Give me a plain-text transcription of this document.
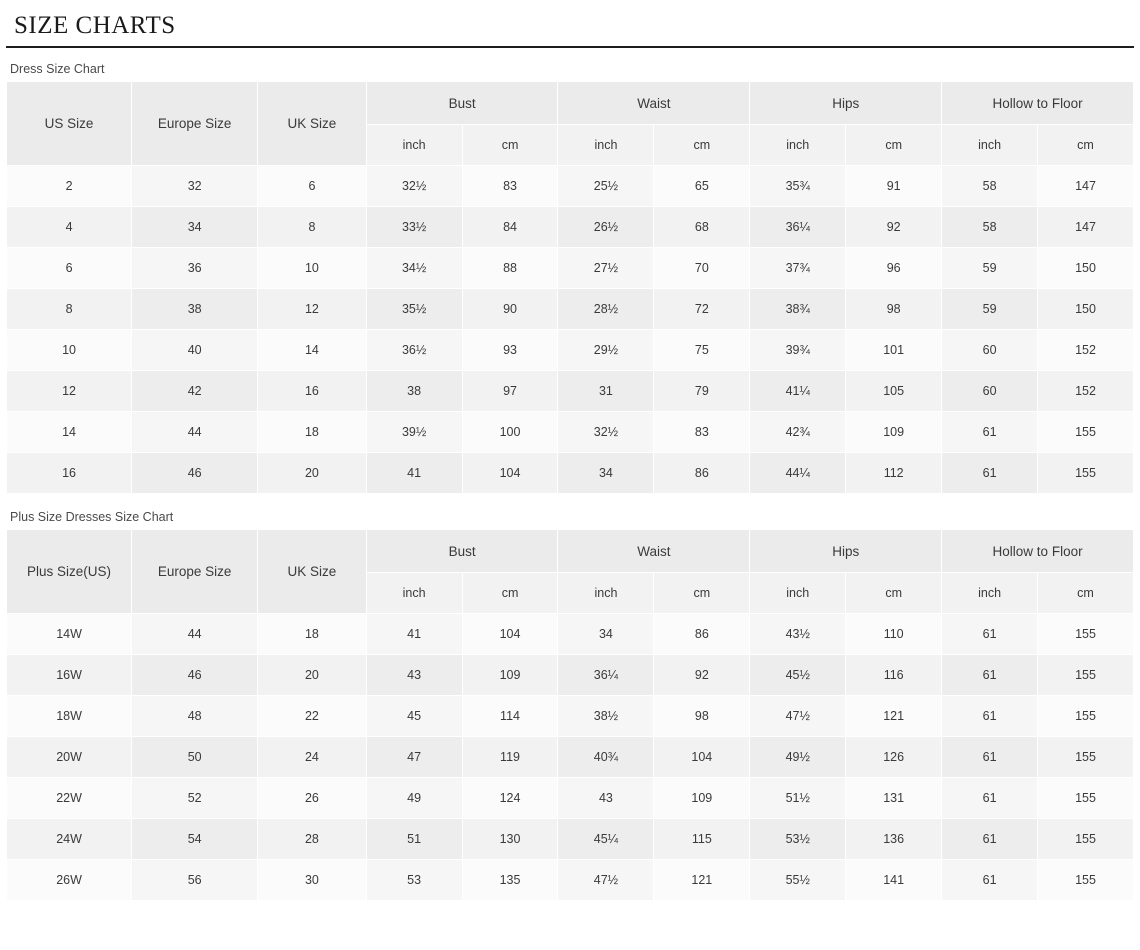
SIZE CHARTS
Dress Size Chart
US Size	Europe Size	UK Size	Bust		Waist		Hips		Hollow to Floor	
			inch	cm	inch	cm	inch	cm	inch	cm
2	32	6	32½	83	25½	65	35¾	91	58	147
4	34	8	33½	84	26½	68	36¼	92	58	147
6	36	10	34½	88	27½	70	37¾	96	59	150
8	38	12	35½	90	28½	72	38¾	98	59	150
10	40	14	36½	93	29½	75	39¾	101	60	152
12	42	16	38	97	31	79	41¼	105	60	152
14	44	18	39½	100	32½	83	42¾	109	61	155
16	46	20	41	104	34	86	44¼	112	61	155
Plus Size Dresses Size Chart
Plus Size(US)	Europe Size	UK Size	Bust		Waist		Hips		Hollow to Floor	
			inch	cm	inch	cm	inch	cm	inch	cm
14W	44	18	41	104	34	86	43½	110	61	155
16W	46	20	43	109	36¼	92	45½	116	61	155
18W	48	22	45	114	38½	98	47½	121	61	155
20W	50	24	47	119	40¾	104	49½	126	61	155
22W	52	26	49	124	43	109	51½	131	61	155
24W	54	28	51	130	45¼	115	53½	136	61	155
26W	56	30	53	135	47½	121	55½	141	61	155
